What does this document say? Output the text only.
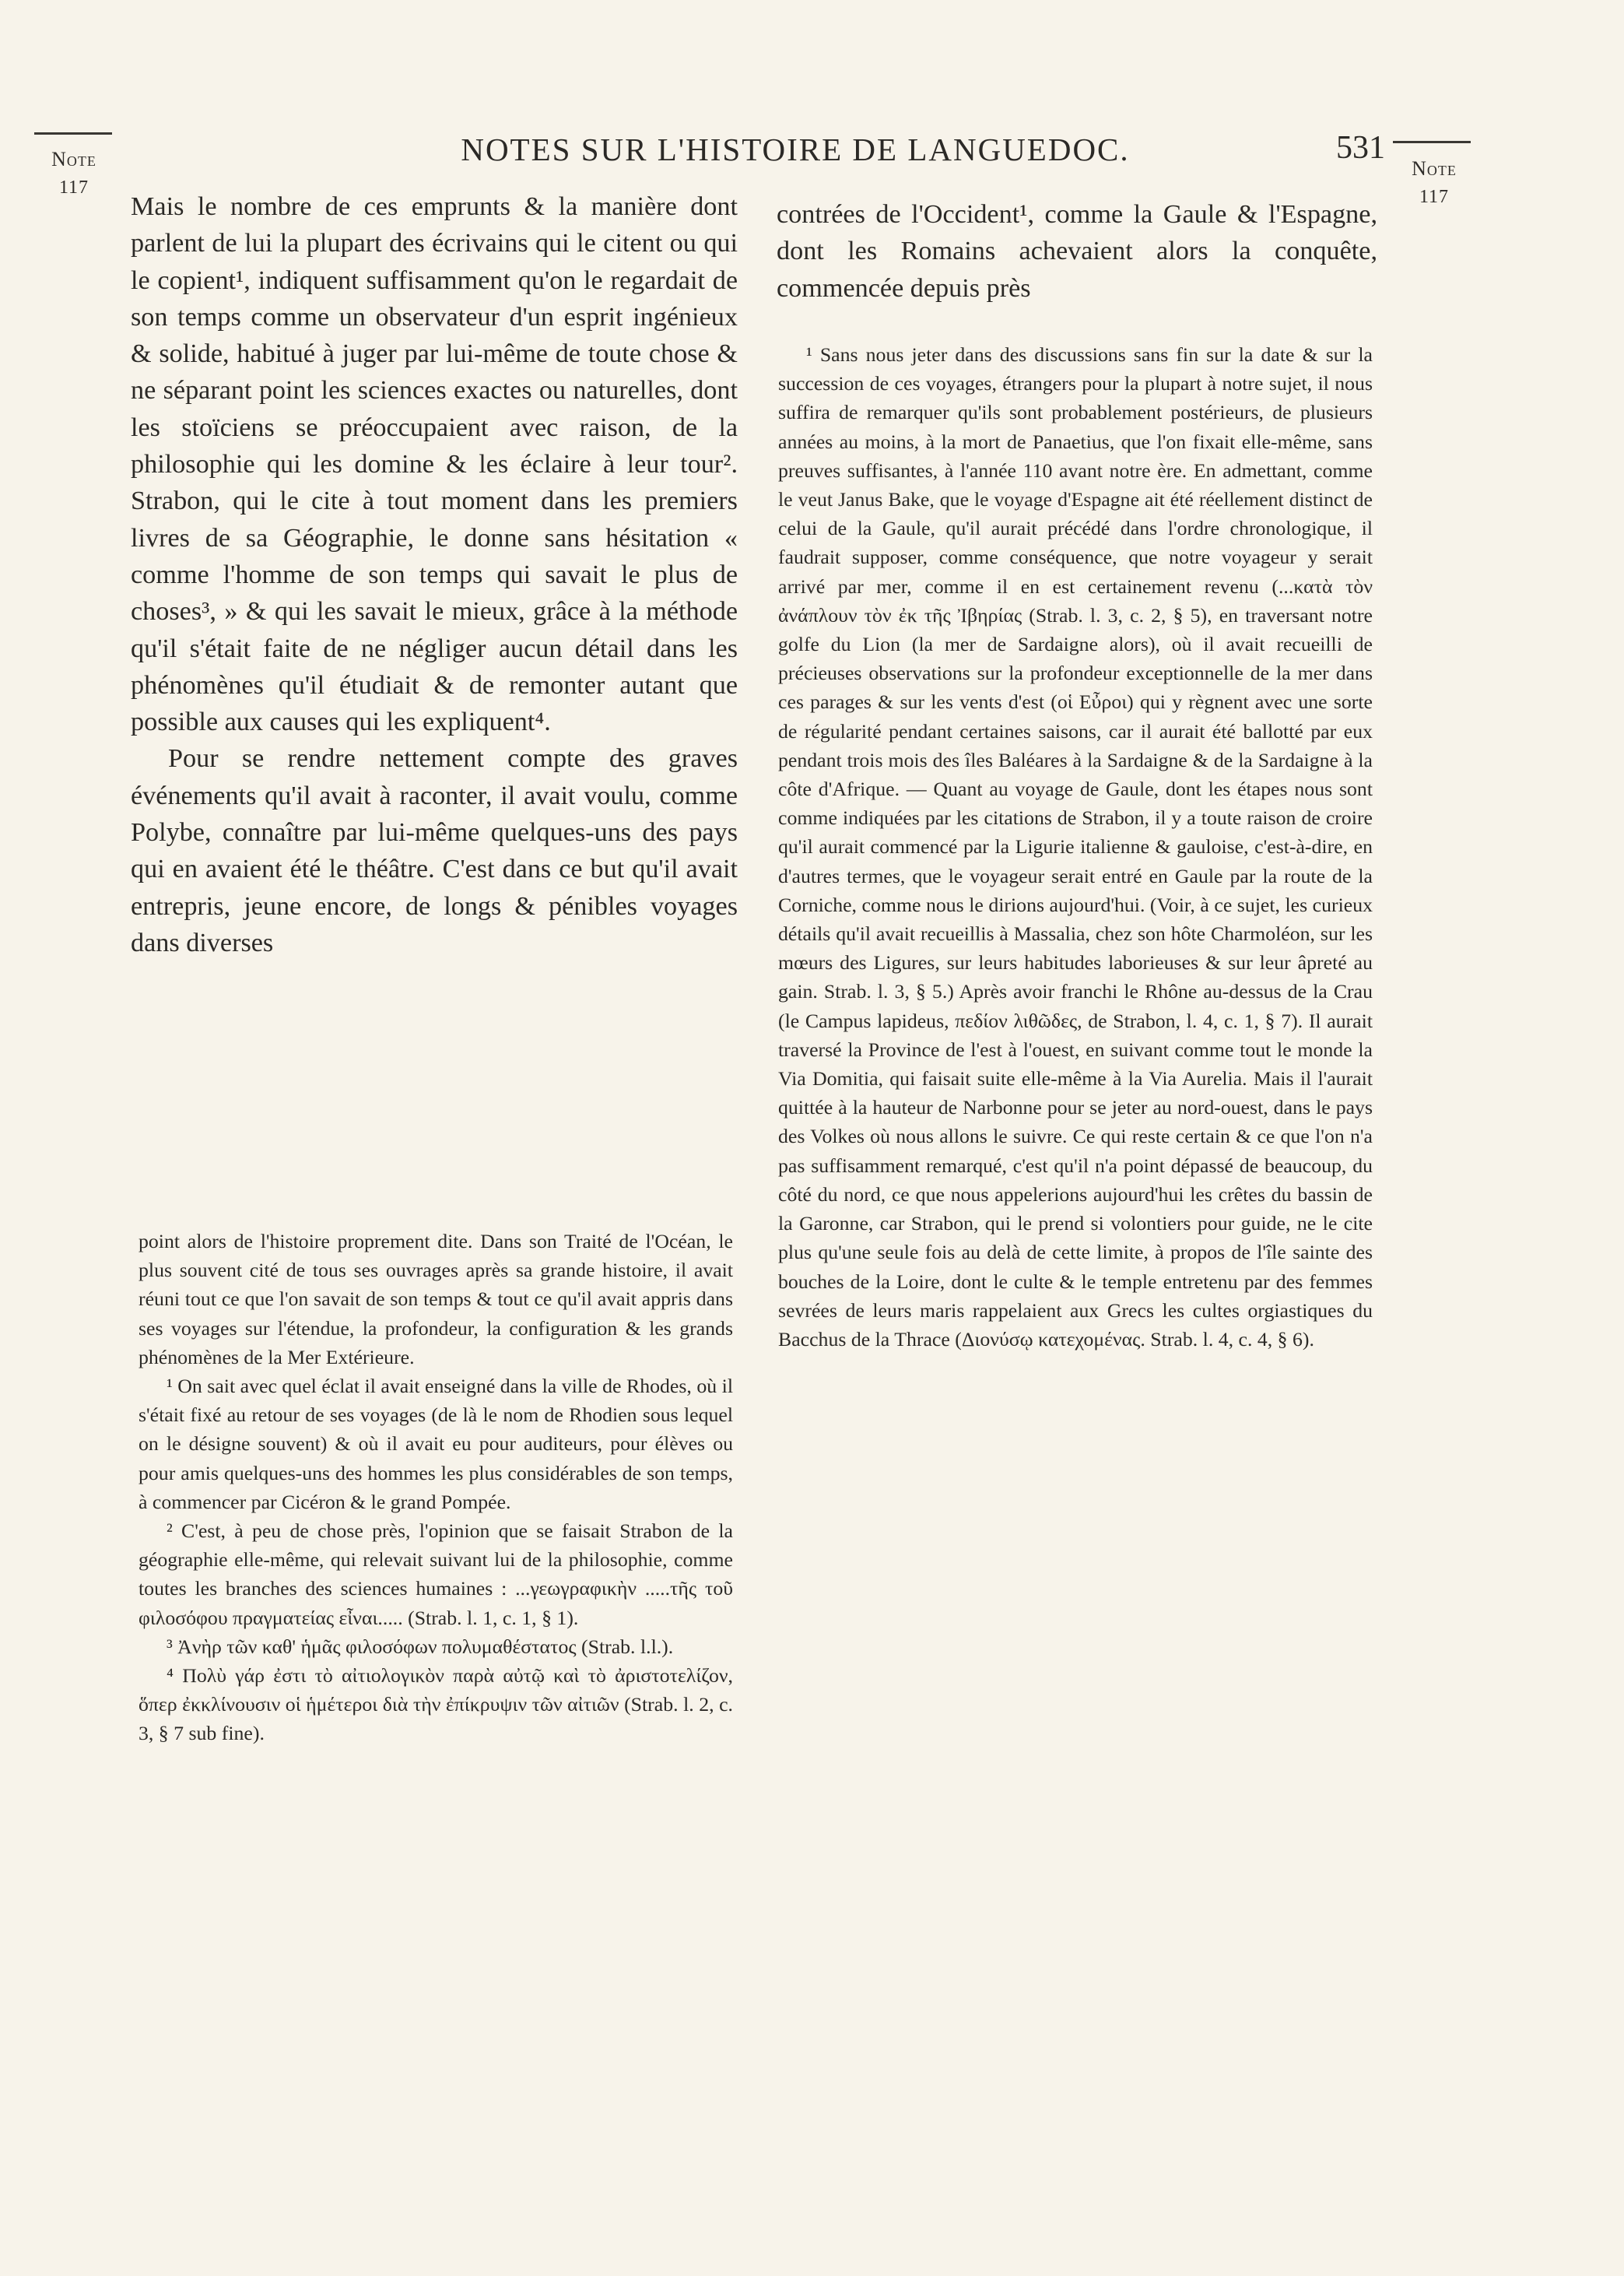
Note
117
Note
117
NOTES SUR L'HISTOIRE DE LANGUEDOC.	531

Mais le nombre de ces emprunts & la manière dont parlent de lui la plupart des écrivains qui le citent ou qui le copient¹, indiquent suffisamment qu'on le regardait de son temps comme un observateur d'un esprit ingénieux & solide, habitué à juger par lui-même de toute chose & ne séparant point les sciences exactes ou naturelles, dont les stoïciens se préoccupaient avec raison, de la philosophie qui les domine & les éclaire à leur tour². Strabon, qui le cite à tout moment dans les premiers livres de sa Géographie, le donne sans hésitation « comme l'homme de son temps qui savait le plus de choses³, » & qui les savait le mieux, grâce à la méthode qu'il s'était faite de ne négliger aucun détail dans les phénomènes qu'il étudiait & de remonter autant que possible aux causes qui les expliquent⁴.

Pour se rendre nettement compte des graves événements qu'il avait à raconter, il avait voulu, comme Polybe, connaître par lui-même quelques-uns des pays qui en avaient été le théâtre. C'est dans ce but qu'il avait entrepris, jeune encore, de longs & pénibles voyages dans diverses

contrées de l'Occident¹, comme la Gaule & l'Espagne, dont les Romains achevaient alors la conquête, commencée depuis près

point alors de l'histoire proprement dite. Dans son Traité de l'Océan, le plus souvent cité de tous ses ouvrages après sa grande histoire, il avait réuni tout ce que l'on savait de son temps & tout ce qu'il avait appris dans ses voyages sur l'étendue, la profondeur, la configuration & les grands phénomènes de la Mer Extérieure.

¹ On sait avec quel éclat il avait enseigné dans la ville de Rhodes, où il s'était fixé au retour de ses voyages (de là le nom de Rhodien sous lequel on le désigne souvent) & où il avait eu pour auditeurs, pour élèves ou pour amis quelques-uns des hommes les plus considérables de son temps, à commencer par Cicéron & le grand Pompée.

² C'est, à peu de chose près, l'opinion que se faisait Strabon de la géographie elle-même, qui relevait suivant lui de la philosophie, comme toutes les branches des sciences humaines : ...γεωγραφικὴν .....τῆς τοῦ φιλοσόφου πραγματείας εἶναι..... (Strab. l. 1, c. 1, § 1).

³ Ἀνὴρ τῶν καθ' ἡμᾶς φιλοσόφων πολυμαθέστατος (Strab. l.l.).

⁴ Πολὺ γάρ ἐστι τὸ αἰτιολογικὸν παρὰ αὐτῷ καὶ τὸ ἀριστοτελίζον, ὅπερ ἐκκλίνουσιν οἱ ἡμέτεροι διὰ τὴν ἐπίκρυψιν τῶν αἰτιῶν (Strab. l. 2, c. 3, § 7 sub fine).

¹ Sans nous jeter dans des discussions sans fin sur la date & sur la succession de ces voyages, étrangers pour la plupart à notre sujet, il nous suffira de remarquer qu'ils sont probablement postérieurs, de plusieurs années au moins, à la mort de Panaetius, que l'on fixait elle-même, sans preuves suffisantes, à l'année 110 avant notre ère. En admettant, comme le veut Janus Bake, que le voyage d'Espagne ait été réellement distinct de celui de la Gaule, qu'il aurait précédé dans l'ordre chronologique, il faudrait supposer, comme conséquence, que notre voyageur y serait arrivé par mer, comme il en est certainement revenu (...κατὰ τὸν ἀνάπλουν τὸν ἐκ τῆς Ἰβηρίας (Strab. l. 3, c. 2, § 5), en traversant notre golfe du Lion (la mer de Sardaigne alors), où il avait recueilli de précieuses observations sur la profondeur exceptionnelle de la mer dans ces parages & sur les vents d'est (οἱ Εὖροι) qui y règnent avec une sorte de régularité pendant certaines saisons, car il aurait été ballotté par eux pendant trois mois des îles Baléares à la Sardaigne & de la Sardaigne à la côte d'Afrique. — Quant au voyage de Gaule, dont les étapes nous sont comme indiquées par les citations de Strabon, il y a toute raison de croire qu'il aurait commencé par la Ligurie italienne & gauloise, c'est-à-dire, en d'autres termes, que le voyageur serait entré en Gaule par la route de la Corniche, comme nous le dirions aujourd'hui. (Voir, à ce sujet, les curieux détails qu'il avait recueillis à Massalia, chez son hôte Charmoléon, sur les mœurs des Ligures, sur leurs habitudes laborieuses & sur leur âpreté au gain. Strab. l. 3, § 5.) Après avoir franchi le Rhône au-dessus de la Crau (le Campus lapideus, πεδίον λιθῶδες, de Strabon, l. 4, c. 1, § 7). Il aurait traversé la Province de l'est à l'ouest, en suivant comme tout le monde la Via Domitia, qui faisait suite elle-même à la Via Aurelia. Mais il l'aurait quittée à la hauteur de Narbonne pour se jeter au nord-ouest, dans le pays des Volkes où nous allons le suivre. Ce qui reste certain & ce que l'on n'a pas suffisamment remarqué, c'est qu'il n'a point dépassé de beaucoup, du côté du nord, ce que nous appelerions aujourd'hui les crêtes du bassin de la Garonne, car Strabon, qui le prend si volontiers pour guide, ne le cite plus qu'une seule fois au delà de cette limite, à propos de l'île sainte des bouches de la Loire, dont le culte & le temple entretenu par des femmes sevrées de leurs maris rappelaient aux Grecs les cultes orgiastiques du Bacchus de la Thrace (Διονύσῳ κατεχομένας. Strab. l. 4, c. 4, § 6).
